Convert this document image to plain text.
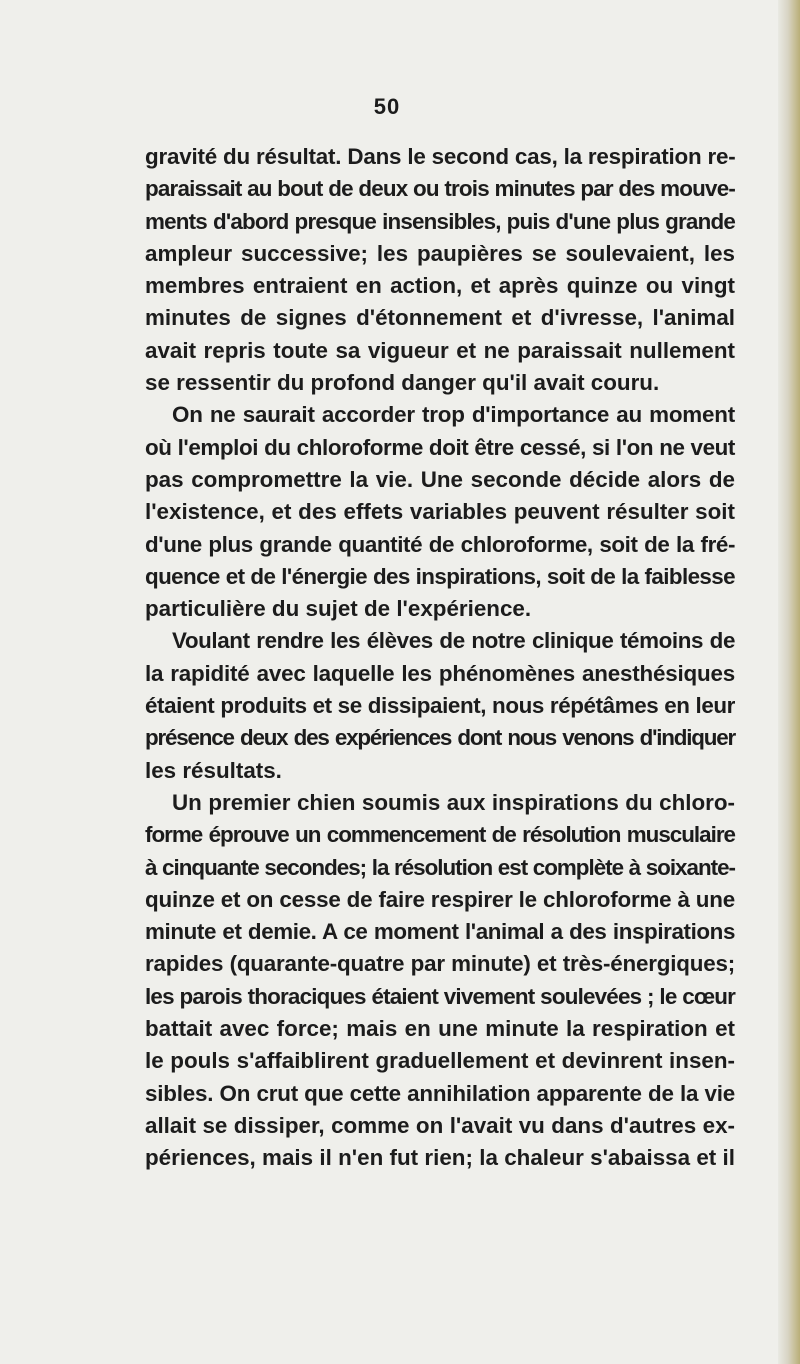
50
gravité du résultat. Dans le second cas, la respiration re-
paraissait au bout de deux ou trois minutes par des mouve-
ments d'abord presque insensibles, puis d'une plus grande
ampleur successive; les paupières se soulevaient, les
membres entraient en action, et après quinze ou vingt
minutes de signes d'étonnement et d'ivresse, l'animal
avait repris toute sa vigueur et ne paraissait nullement
se ressentir du profond danger qu'il avait couru.
On ne saurait accorder trop d'importance au moment
où l'emploi du chloroforme doit être cessé, si l'on ne veut
pas compromettre la vie. Une seconde décide alors de
l'existence, et des effets variables peuvent résulter soit
d'une plus grande quantité de chloroforme, soit de la fré-
quence et de l'énergie des inspirations, soit de la faiblesse
particulière du sujet de l'expérience.
Voulant rendre les élèves de notre clinique témoins de
la rapidité avec laquelle les phénomènes anesthésiques
étaient produits et se dissipaient, nous répétâmes en leur
présence deux des expériences dont nous venons d'indiquer
les résultats.
Un premier chien soumis aux inspirations du chloro-
forme éprouve un commencement de résolution musculaire
à cinquante secondes; la résolution est complète à soixante-
quinze et on cesse de faire respirer le chloroforme à une
minute et demie. A ce moment l'animal a des inspirations
rapides (quarante-quatre par minute) et très-énergiques;
les parois thoraciques étaient vivement soulevées ; le cœur
battait avec force; mais en une minute la respiration et
le pouls s'affaiblirent graduellement et devinrent insen-
sibles. On crut que cette annihilation apparente de la vie
allait se dissiper, comme on l'avait vu dans d'autres ex-
périences, mais il n'en fut rien; la chaleur s'abaissa et il
